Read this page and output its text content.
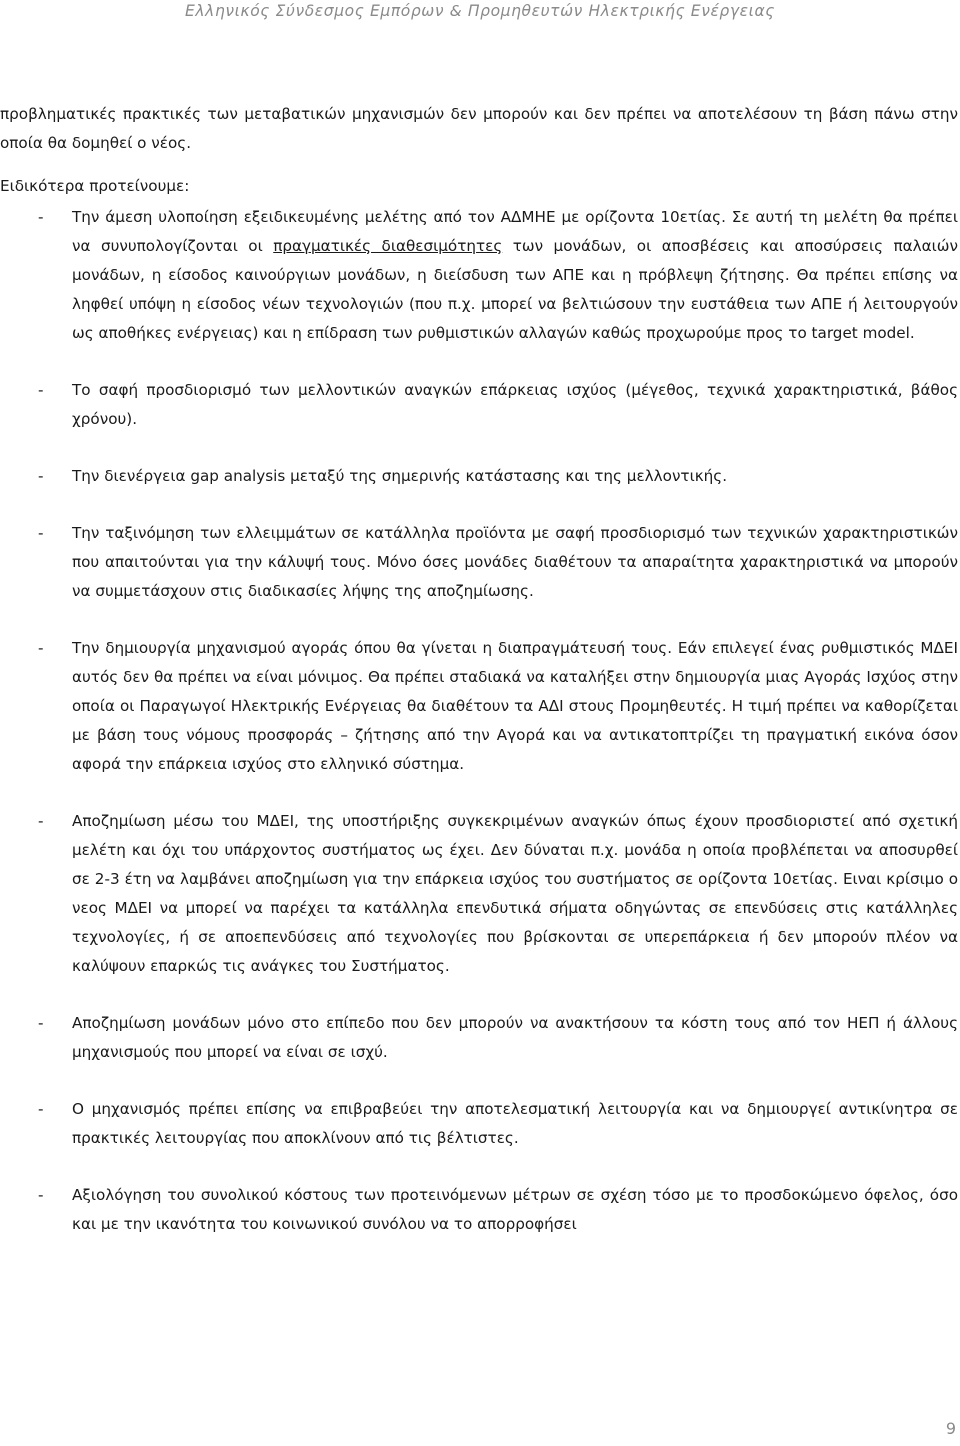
Ελληνικός Σύνδεσμος Εμπόρων & Προμηθευτών Ηλεκτρικής Ενέργειας

προβληματικές πρακτικές των μεταβατικών μηχανισμών δεν μπορούν και δεν πρέπει να αποτελέσουν τη βάση πάνω στην οποία θα δομηθεί ο νέος.

Ειδικότερα προτείνουμε:

- Την άμεση υλοποίηση εξειδικευμένης μελέτης από τον ΑΔΜΗΕ με ορίζοντα 10ετίας. Σε αυτή τη μελέτη θα πρέπει να συνυπολογίζονται οι πραγματικές διαθεσιμότητες των μονάδων, οι αποσβέσεις και αποσύρσεις παλαιών μονάδων, η είσοδος καινούργιων μονάδων, η διείσδυση των ΑΠΕ και η πρόβλεψη ζήτησης. Θα πρέπει επίσης να ληφθεί υπόψη η είσοδος νέων τεχνολογιών (που π.χ. μπορεί να βελτιώσουν την ευστάθεια των ΑΠΕ ή λειτουργούν ως αποθήκες ενέργειας) και η επίδραση των ρυθμιστικών αλλαγών καθώς προχωρούμε προς το target model.
- Το σαφή προσδιορισμό των μελλοντικών αναγκών επάρκειας ισχύος (μέγεθος, τεχνικά χαρακτηριστικά, βάθος χρόνου).
- Την διενέργεια gap analysis μεταξύ της σημερινής κατάστασης και της μελλοντικής.
- Την ταξινόμηση των ελλειμμάτων σε κατάλληλα προϊόντα με σαφή προσδιορισμό των τεχνικών χαρακτηριστικών που απαιτούνται για την κάλυψή τους. Μόνο όσες μονάδες διαθέτουν τα απαραίτητα χαρακτηριστικά να μπορούν να συμμετάσχουν στις διαδικασίες λήψης της αποζημίωσης.
- Την δημιουργία μηχανισμού αγοράς όπου θα γίνεται η διαπραγμάτευσή τους. Εάν επιλεγεί ένας ρυθμιστικός ΜΔΕΙ αυτός δεν θα πρέπει να είναι μόνιμος. Θα πρέπει σταδιακά να καταλήξει στην δημιουργία μιας Αγοράς Ισχύος στην οποία οι Παραγωγοί Ηλεκτρικής Ενέργειας θα διαθέτουν τα ΑΔΙ στους Προμηθευτές. Η τιμή πρέπει να καθορίζεται με βάση τους νόμους προσφοράς – ζήτησης από την Αγορά και να αντικατοπτρίζει τη πραγματική εικόνα όσον αφορά την επάρκεια ισχύος στο ελληνικό σύστημα.
- Αποζημίωση μέσω του ΜΔΕΙ, της υποστήριξης συγκεκριμένων αναγκών όπως έχουν προσδιοριστεί από σχετική μελέτη και όχι του υπάρχοντος συστήματος ως έχει. Δεν δύναται π.χ. μονάδα η οποία προβλέπεται να αποσυρθεί σε 2-3 έτη να λαμβάνει αποζημίωση για την επάρκεια ισχύος του συστήματος σε ορίζοντα 10ετίας. Ειναι κρίσιμο ο νεος ΜΔΕΙ να μπορεί να παρέχει τα κατάλληλα επενδυτικά σήματα οδηγώντας σε επενδύσεις στις κατάλληλες τεχνολογίες, ή σε αποεπενδύσεις από τεχνολογίες που βρίσκονται σε υπερεπάρκεια ή δεν μπορούν πλέον να καλύψουν επαρκώς τις ανάγκες του Συστήματος.
- Αποζημίωση μονάδων μόνο στο επίπεδο που δεν μπορούν να ανακτήσουν τα κόστη τους από τον ΗΕΠ ή άλλους μηχανισμούς που μπορεί να είναι σε ισχύ.
- Ο μηχανισμός πρέπει επίσης να επιβραβεύει την αποτελεσματική λειτουργία και να δημιουργεί αντικίνητρα σε πρακτικές λειτουργίας που αποκλίνουν από τις βέλτιστες.
- Αξιολόγηση του συνολικού κόστους των προτεινόμενων μέτρων σε σχέση τόσο με το προσδοκώμενο όφελος, όσο και με την ικανότητα του κοινωνικού συνόλου να το απορροφήσει
9
